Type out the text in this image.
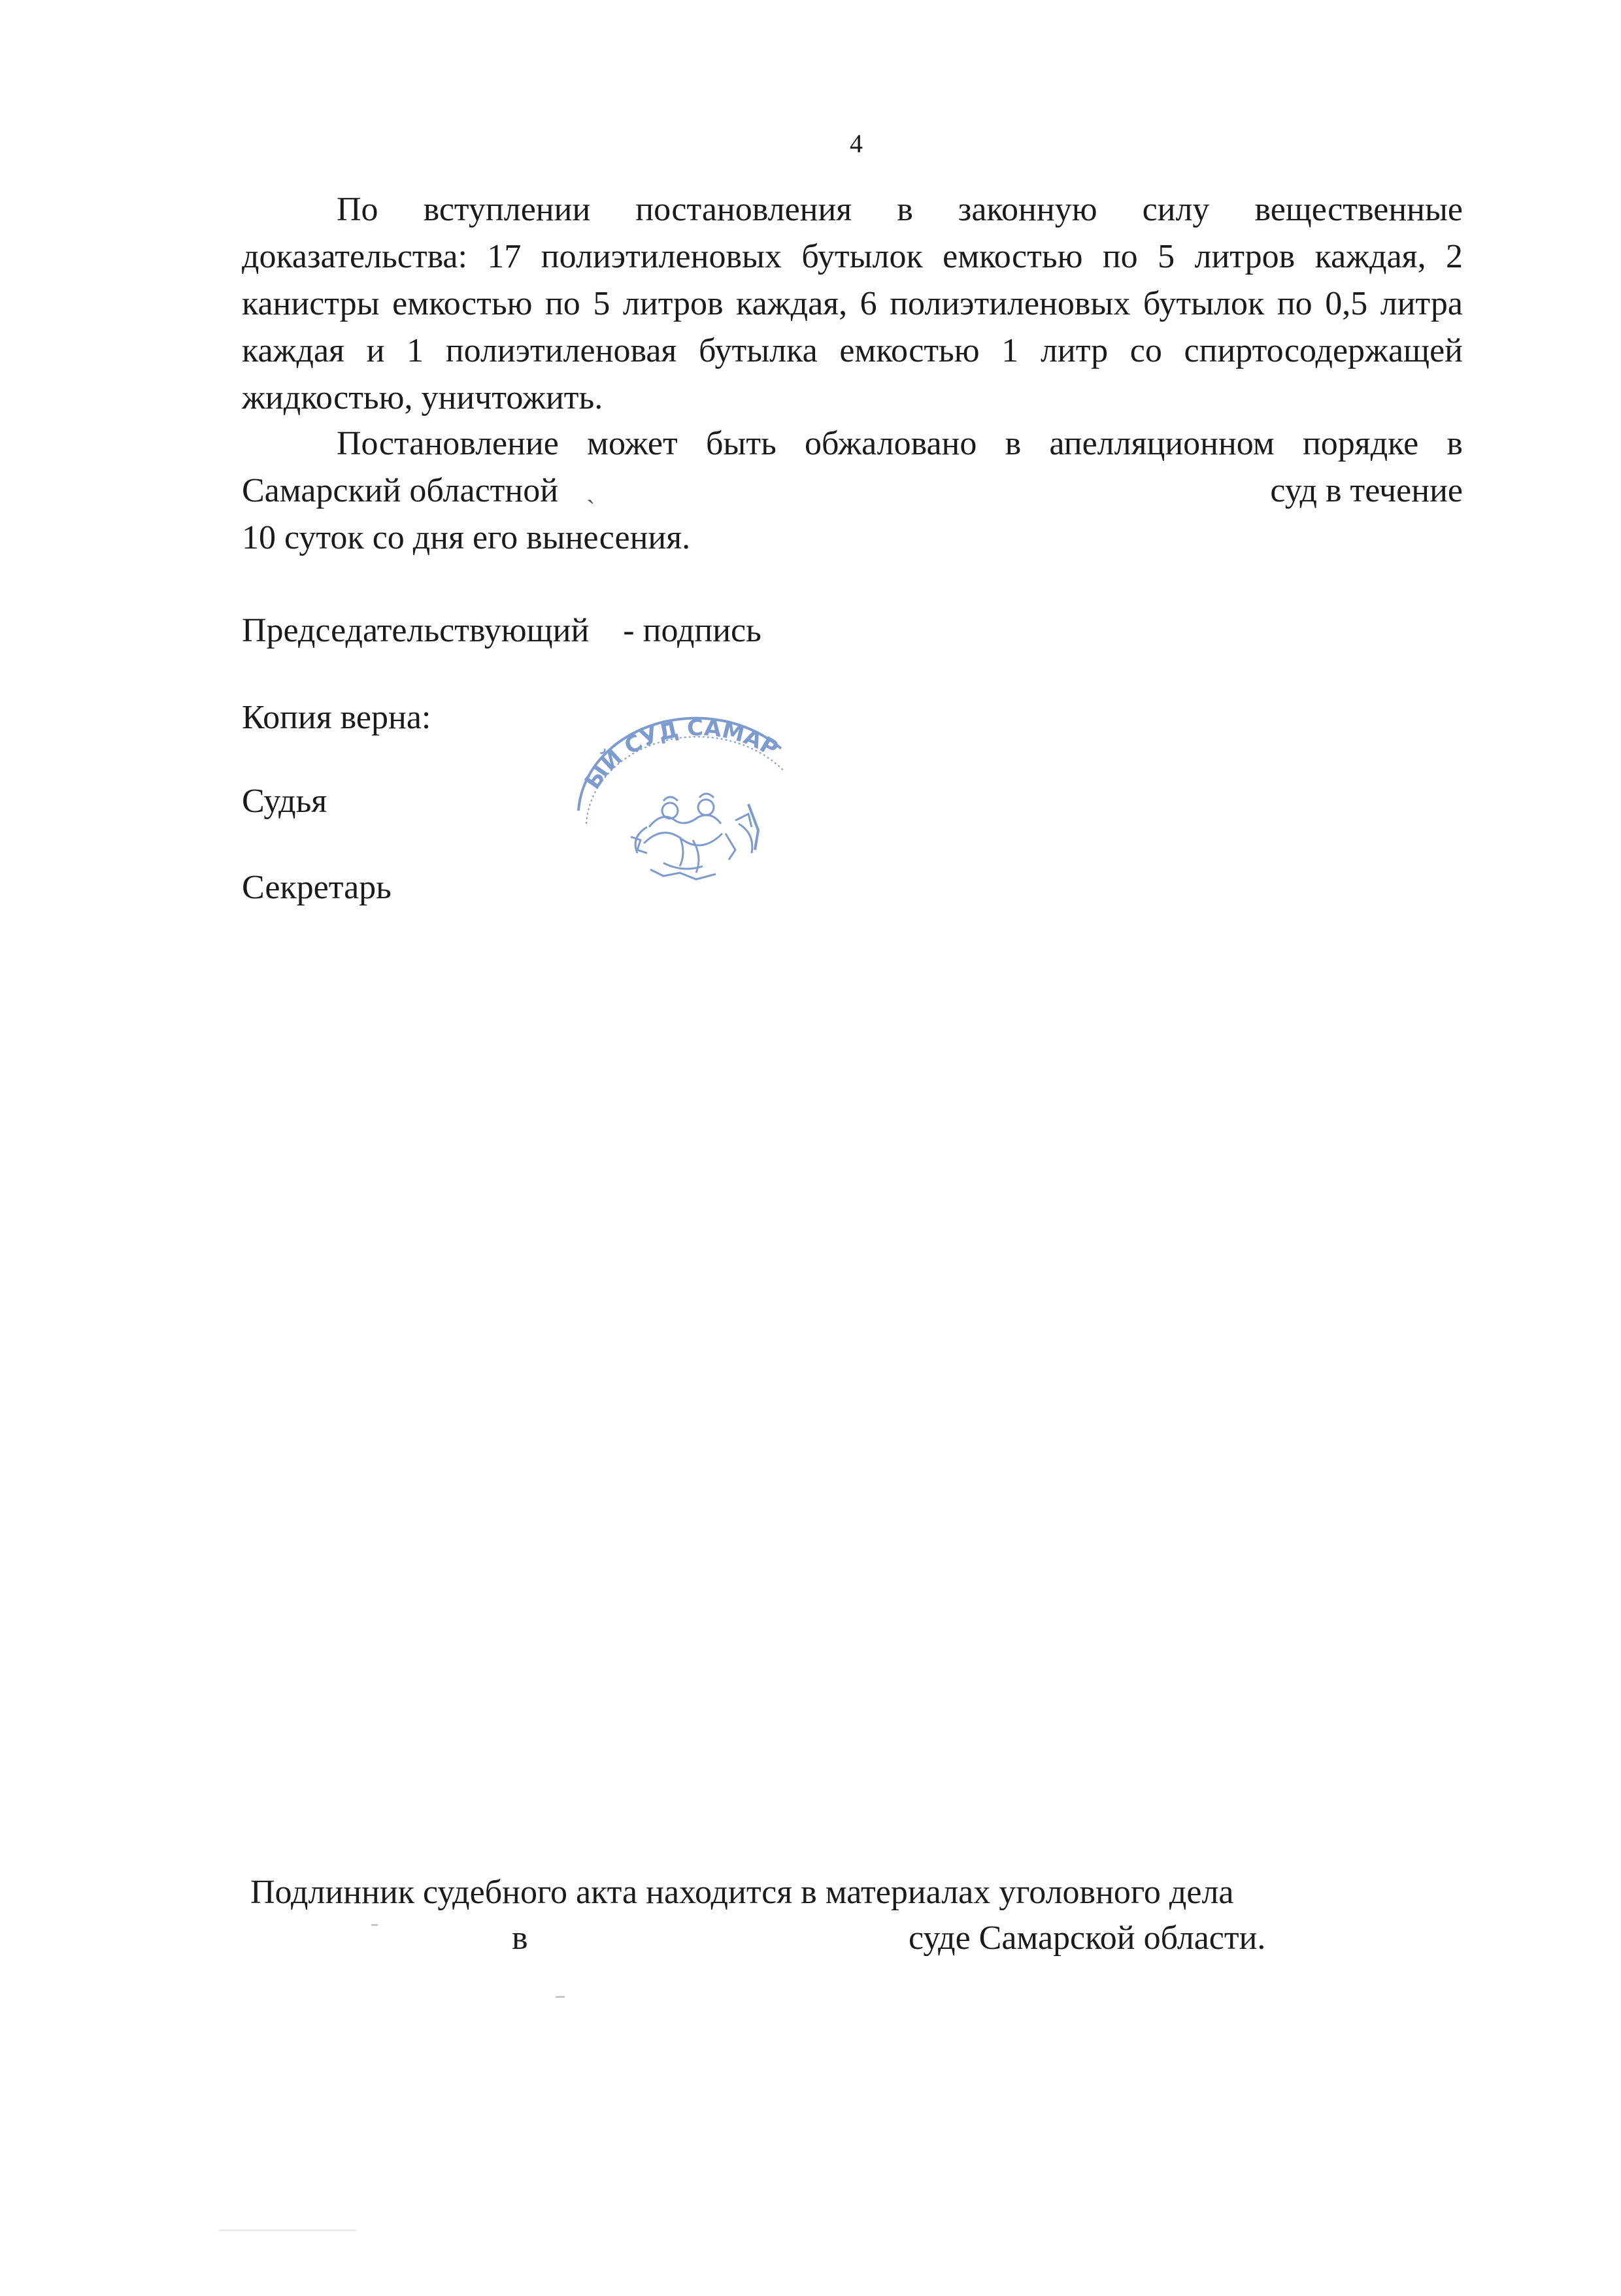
4

По вступлении постановления в законную силу вещественные доказательства: 17 полиэтиленовых бутылок емкостью по 5 литров каждая, 2 канистры емкостью по 5 литров каждая, 6 полиэтиленовых бутылок по 0,5 литра каждая и 1 полиэтиленовая бутылка емкостью 1 литр со спиртосодержащей жидкостью, уничтожить.

Постановление может быть обжаловано в апелляционном порядке в
Самарский областной ˎ	суд в течение
10 суток со дня его вынесения.
Председательствующий    - подпись
Копия верна:
Судья
Секретарь
ЫЙ СУД САМАР
Подлинник судебного акта находится в материалах уголовного дела
в	суде Самарской области.
